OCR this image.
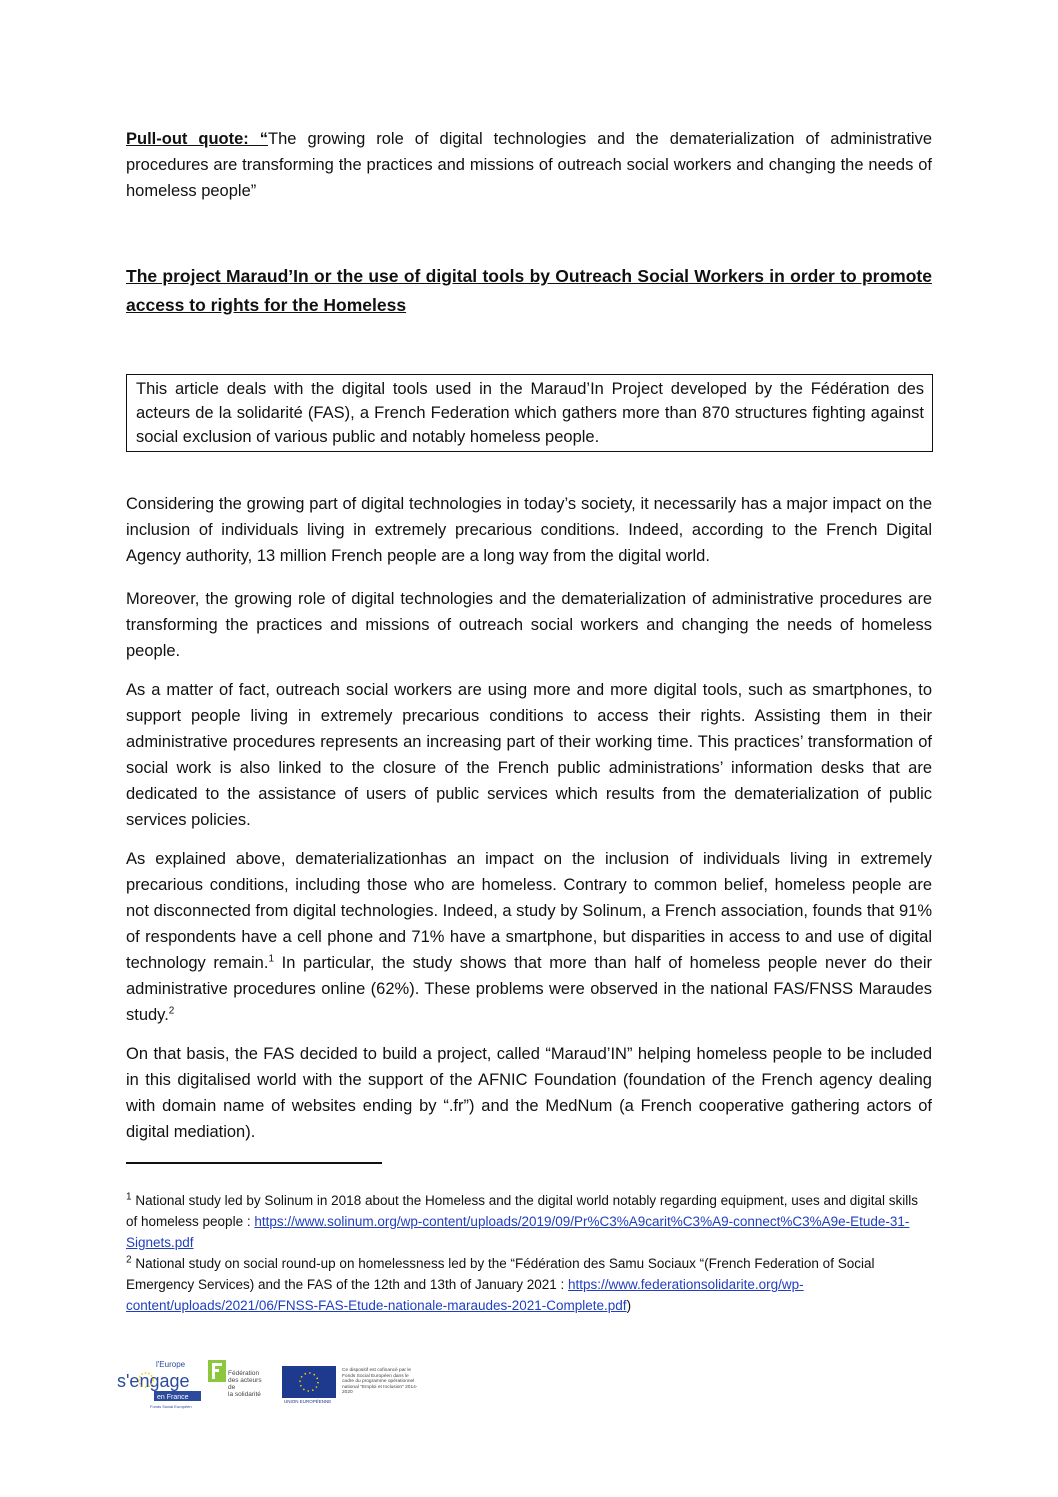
Pull-out quote: “The growing role of digital technologies and the dematerialization of administrative procedures are transforming the practices and missions of outreach social workers and changing the needs of homeless people”

The project Maraud’In or the use of digital tools by Outreach Social Workers in order to promote access to rights for the Homeless
This article deals with the digital tools used in the Maraud’In Project developed by the Fédération des acteurs de la solidarité (FAS), a French Federation which gathers more than 870 structures fighting against social exclusion of various public and notably homeless people.

Considering the growing part of digital technologies in today’s society, it necessarily has a major impact on the inclusion of individuals living in extremely precarious conditions. Indeed, according to the French Digital Agency authority, 13 million French people are a long way from the digital world.

Moreover, the growing role of digital technologies and the dematerialization of administrative procedures are transforming the practices and missions of outreach social workers and changing the needs of homeless people.

As a matter of fact, outreach social workers are using more and more digital tools, such as smartphones, to support people living in extremely precarious conditions to access their rights. Assisting them in their administrative procedures represents an increasing part of their working time. This practices’ transformation of social work is also linked to the closure of the French public administrations’ information desks that are dedicated to the assistance of users of public services which results from the dematerialization of public services policies.

As explained above, dematerializationhas an impact on the inclusion of individuals living in extremely precarious conditions, including those who are homeless. Contrary to common belief, homeless people are not disconnected from digital technologies. Indeed, a study by Solinum, a French association, founds that 91% of respondents have a cell phone and 71% have a smartphone, but disparities in access to and use of digital technology remain.$^1$ In particular, the study shows that more than half of homeless people never do their administrative procedures online (62%). These problems were observed in the national FAS/FNSS Maraudes study.$^2$

On that basis, the FAS decided to build a project, called “Maraud’IN” helping homeless people to be included in this digitalised world with the support of the AFNIC Foundation (foundation of the French agency dealing with domain name of websites ending by “.fr”) and the MedNum (a French cooperative gathering actors of digital mediation).

$^1$ National study led by Solinum in 2018 about the Homeless and the digital world notably regarding equipment, uses and digital skills of homeless people : https://www.solinum.org/wp-content/uploads/2019/09/Pr%C3%A9carit%C3%A9-connect%C3%A9e-Etude-31-Signets.pdf

$^2$ National study on social round-up on homelessness led by the “Fédération des Samu Sociaux “(French Federation of Social Emergency Services) and the FAS of the 12th and 13th of January 2021 : https://www.federationsolidarite.org/wp-content/uploads/2021/06/FNSS-FAS-Etude-nationale-maraudes-2021-Complete.pdf)

l'Europe
s'engage
en France
Fonds Social Européen
Fédération
des acteurs de
la solidarité
UNION EUROPÉENNE
Ce dispositif est cofinancé par le Fonds Social Européen dans le cadre du programme opérationnel national "Emploi et Inclusion" 2014-2020
